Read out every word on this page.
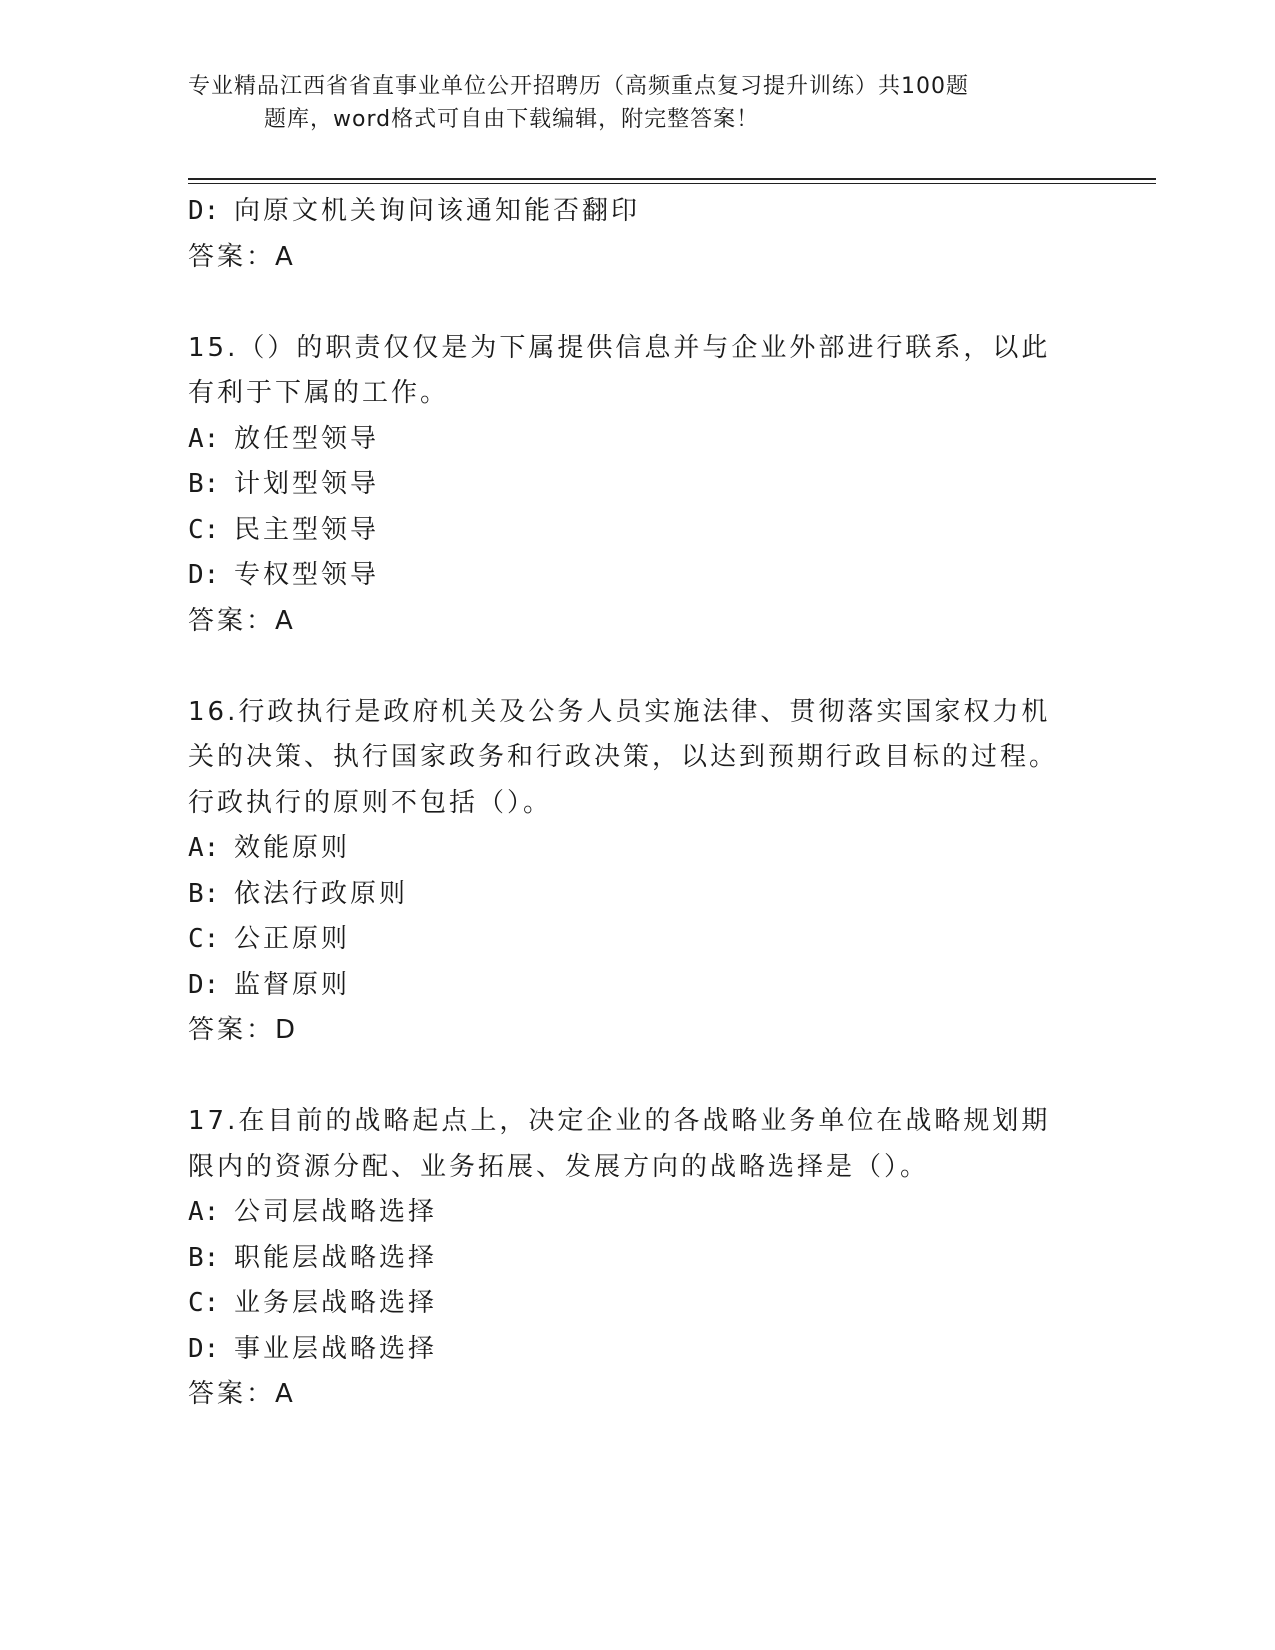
专业精品江西省省直事业单位公开招聘历（高频重点复习提升训练）共100题
题库，word格式可自由下载编辑，附完整答案！

D: 向原文机关询问该通知能否翻印

答案：A

15.（）的职责仅仅是为下属提供信息并与企业外部进行联系，以此有利于下属的工作。

A: 放任型领导

B: 计划型领导

C: 民主型领导

D: 专权型领导

答案：A

16.行政执行是政府机关及公务人员实施法律、贯彻落实国家权力机关的决策、执行国家政务和行政决策，以达到预期行政目标的过程。行政执行的原则不包括（）。

A: 效能原则

B: 依法行政原则

C: 公正原则

D: 监督原则

答案：D

17.在目前的战略起点上，决定企业的各战略业务单位在战略规划期限内的资源分配、业务拓展、发展方向的战略选择是（）。

A: 公司层战略选择

B: 职能层战略选择

C: 业务层战略选择

D: 事业层战略选择

答案：A
